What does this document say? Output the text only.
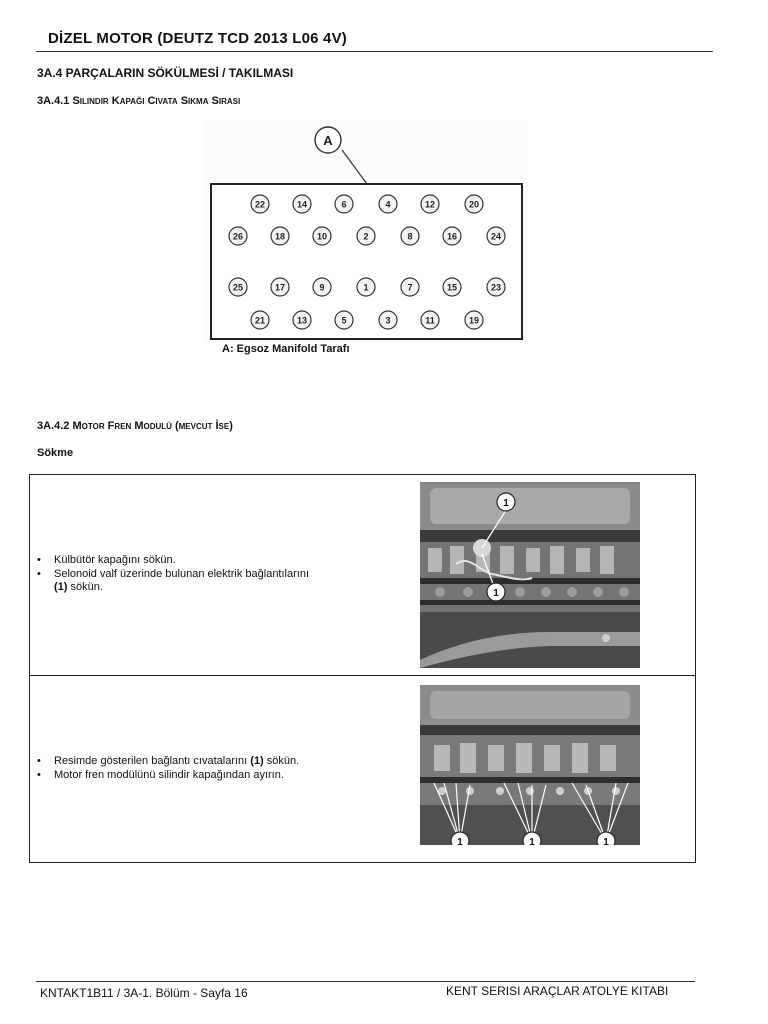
DİZEL MOTOR (DEUTZ TCD 2013 L06 4V)
3A.4 PARÇALARIN SÖKÜLMESİ / TAKILMASI
3A.4.1 Silindir Kapaği Civata Sikma Sirasi
A
22	14	6	4	12	20
26	18	10	2	8	16	24
25	17	9	1	7	15	23
21	13	5	3	11	19
A: Egsoz Manifold Tarafı
3A.4.2 Motor Fren Modulü (mevcut İse)
Sökme
• Külbütör kapağını sökün.
• Selonoid valf üzerinde bulunan elektrik bağlantılarını
(1) sökün.
1
1
• Resimde gösterilen bağlantı cıvatalarını (1) sökün.
• Motor fren modülünü silindir kapağından ayırın.
1	1	1
KNTAKT1B11 / 3A-1. Bölüm - Sayfa 16	KENT SERISI ARAÇLAR ATOLYE KITABI
